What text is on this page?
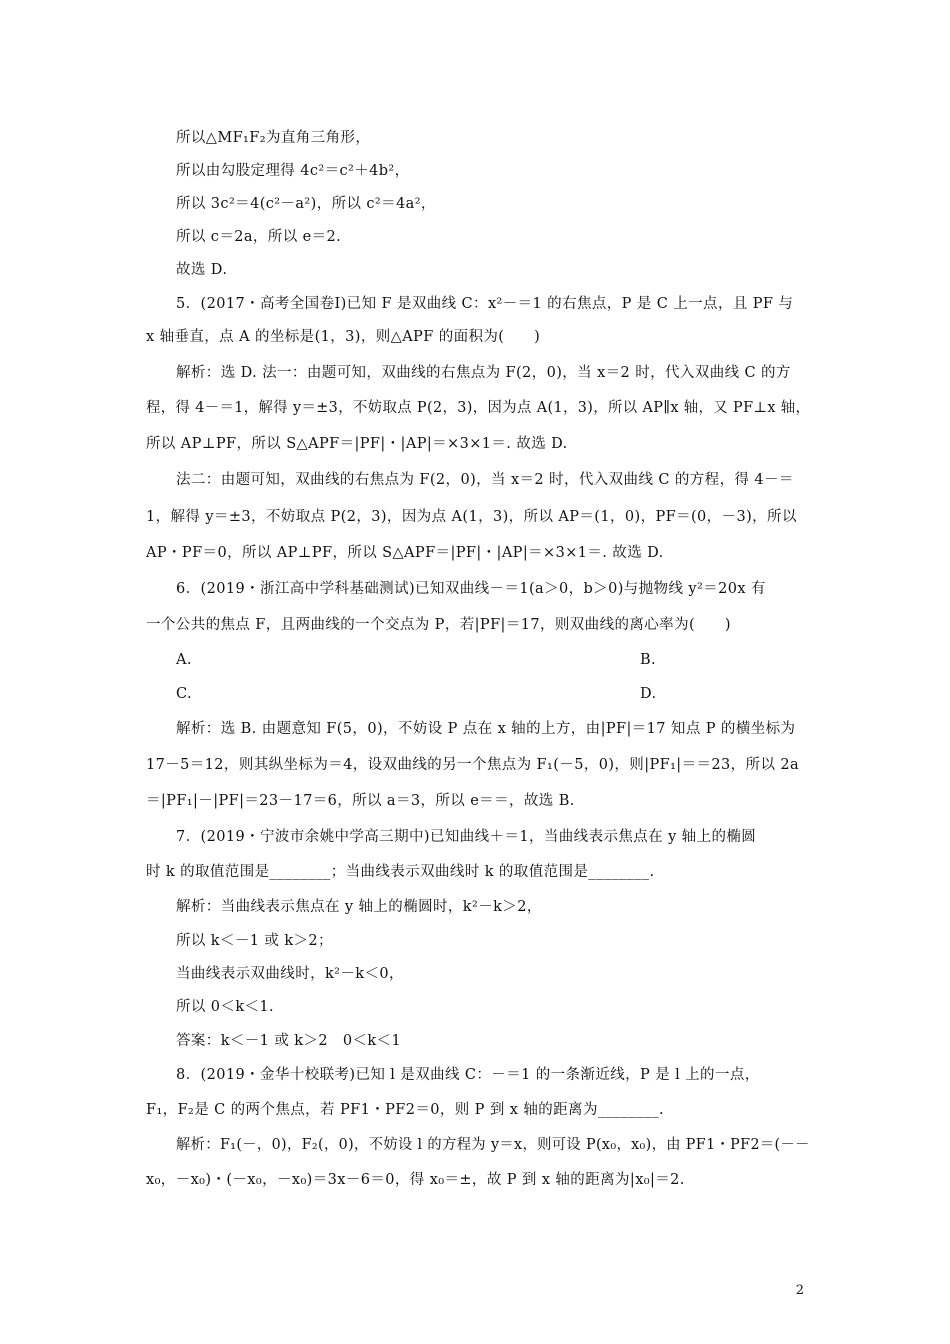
所以△MF₁F₂为直角三角形，
所以由勾股定理得 4c²＝c²＋4b²，
所以 3c²＝4(c²－a²)，所以 c²＝4a²，
所以 c＝2a，所以 e＝2.
故选 D.
5．(2017・高考全国卷Ⅰ)已知 F 是双曲线 C：x²－＝1 的右焦点，P 是 C 上一点，且 PF 与
x 轴垂直，点 A 的坐标是(1，3)，则△APF 的面积为(　　)
解析：选 D. 法一：由题可知，双曲线的右焦点为 F(2，0)，当 x＝2 时，代入双曲线 C 的方
程，得 4－＝1，解得 y＝±3，不妨取点 P(2，3)，因为点 A(1，3)，所以 AP∥x 轴，又 PF⊥x 轴，
所以 AP⊥PF，所以 S△APF＝|PF|・|AP|＝×3×1＝. 故选 D.
法二：由题可知，双曲线的右焦点为 F(2，0)，当 x＝2 时，代入双曲线 C 的方程，得 4－＝
1，解得 y＝±3，不妨取点 P(2，3)，因为点 A(1，3)，所以 AP＝(1，0)，PF＝(0，－3)，所以
AP・PF＝0，所以 AP⊥PF，所以 S△APF＝|PF|・|AP|＝×3×1＝. 故选 D.
6．(2019・浙江高中学科基础测试)已知双曲线－＝1(a＞0，b＞0)与抛物线 y²＝20x 有
一个公共的焦点 F，且两曲线的一个交点为 P，若|PF|＝17，则双曲线的离心率为(　　)
A.	B.
C.	D.
解析：选 B. 由题意知 F(5，0)，不妨设 P 点在 x 轴的上方，由|PF|＝17 知点 P 的横坐标为
17－5＝12，则其纵坐标为＝4，设双曲线的另一个焦点为 F₁(－5，0)，则|PF₁|＝＝23，所以 2a
＝|PF₁|－|PF|＝23－17＝6，所以 a＝3，所以 e＝＝，故选 B.
7．(2019・宁波市余姚中学高三期中)已知曲线＋＝1，当曲线表示焦点在 y 轴上的椭圆
时 k 的取值范围是________；当曲线表示双曲线时 k 的取值范围是________.
解析：当曲线表示焦点在 y 轴上的椭圆时，k²－k＞2，
所以 k＜－1 或 k＞2；
当曲线表示双曲线时，k²－k＜0，
所以 0＜k＜1.
答案：k＜－1 或 k＞2　0＜k＜1
8．(2019・金华十校联考)已知 l 是双曲线 C：－＝1 的一条渐近线，P 是 l 上的一点，
F₁，F₂是 C 的两个焦点，若 PF1・PF2＝0，则 P 到 x 轴的距离为________.
解析：F₁(－，0)，F₂(，0)，不妨设 l 的方程为 y＝x，则可设 P(x₀，x₀)，由 PF1・PF2＝(－－
x₀，－x₀)・(－x₀，－x₀)＝3x－6＝0，得 x₀＝±，故 P 到 x 轴的距离为|x₀|＝2.
2
